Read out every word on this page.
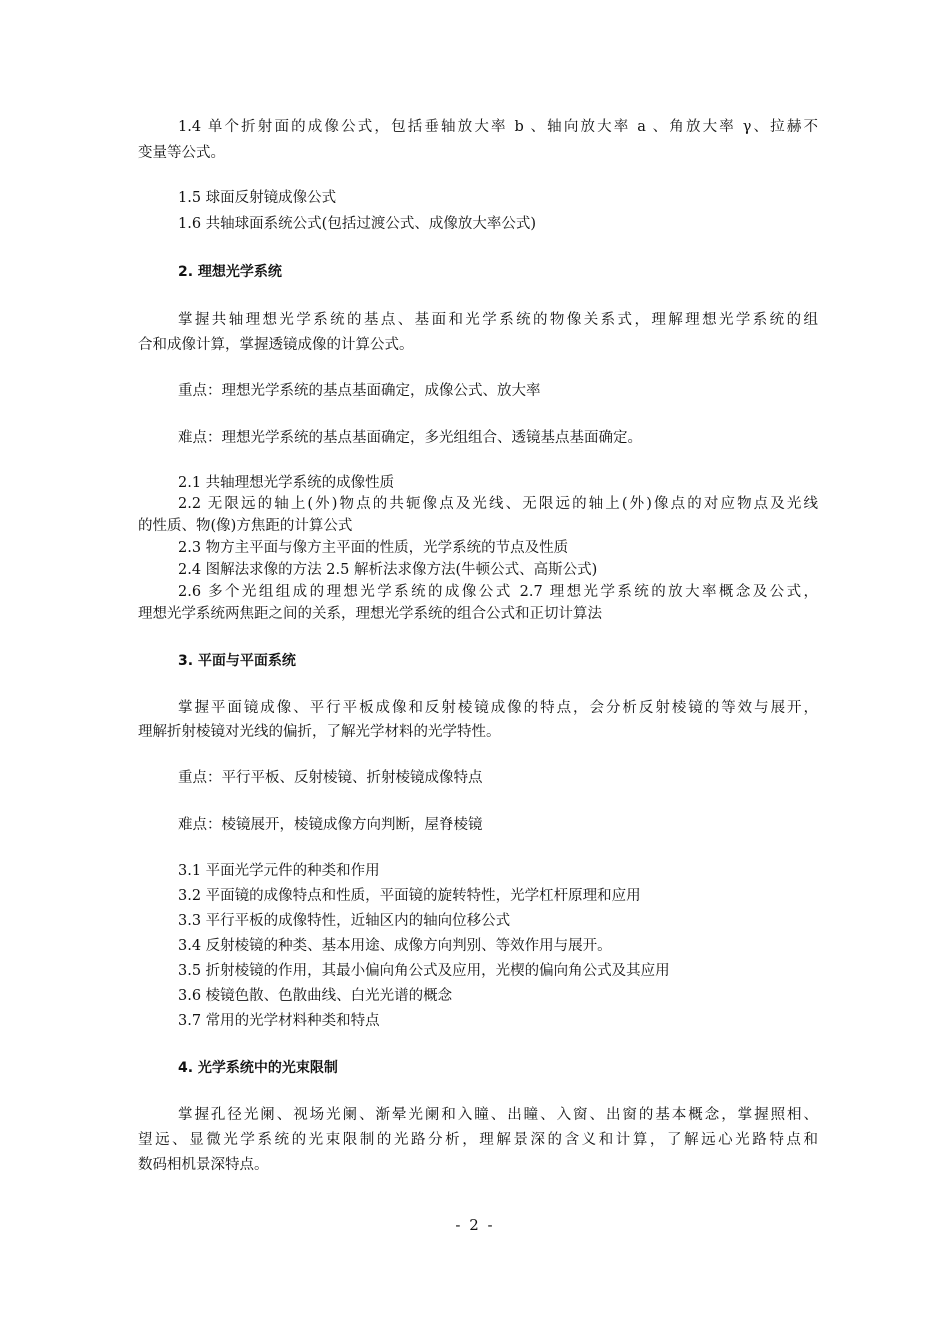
1.4 单个折射面的成像公式，包括垂轴放大率 b 、轴向放大率 a 、角放大率 γ、拉赫不
变量等公式。
1.5 球面反射镜成像公式
1.6 共轴球面系统公式(包括过渡公式、成像放大率公式)
2. 理想光学系统
掌握共轴理想光学系统的基点、基面和光学系统的物像关系式，理解理想光学系统的组
合和成像计算，掌握透镜成像的计算公式。
重点：理想光学系统的基点基面确定，成像公式、放大率
难点：理想光学系统的基点基面确定，多光组组合、透镜基点基面确定。
2.1 共轴理想光学系统的成像性质
2.2 无限远的轴上(外)物点的共轭像点及光线、无限远的轴上(外)像点的对应物点及光线
的性质、物(像)方焦距的计算公式
2.3 物方主平面与像方主平面的性质，光学系统的节点及性质
2.4 图解法求像的方法 2.5 解析法求像方法(牛顿公式、高斯公式)
2.6 多个光组组成的理想光学系统的成像公式 2.7 理想光学系统的放大率概念及公式，
理想光学系统两焦距之间的关系，理想光学系统的组合公式和正切计算法
3. 平面与平面系统
掌握平面镜成像、平行平板成像和反射棱镜成像的特点，会分析反射棱镜的等效与展开，
理解折射棱镜对光线的偏折，了解光学材料的光学特性。
重点：平行平板、反射棱镜、折射棱镜成像特点
难点：棱镜展开，棱镜成像方向判断，屋脊棱镜
3.1 平面光学元件的种类和作用
3.2 平面镜的成像特点和性质，平面镜的旋转特性，光学杠杆原理和应用
3.3 平行平板的成像特性，近轴区内的轴向位移公式
3.4 反射棱镜的种类、基本用途、成像方向判别、等效作用与展开。
3.5 折射棱镜的作用，其最小偏向角公式及应用，光楔的偏向角公式及其应用
3.6 棱镜色散、色散曲线、白光光谱的概念
3.7 常用的光学材料种类和特点
4. 光学系统中的光束限制
掌握孔径光阑、视场光阑、渐晕光阑和入瞳、出瞳、入窗、出窗的基本概念，掌握照相、
望远、显微光学系统的光束限制的光路分析，理解景深的含义和计算，了解远心光路特点和
数码相机景深特点。
- 2 -
